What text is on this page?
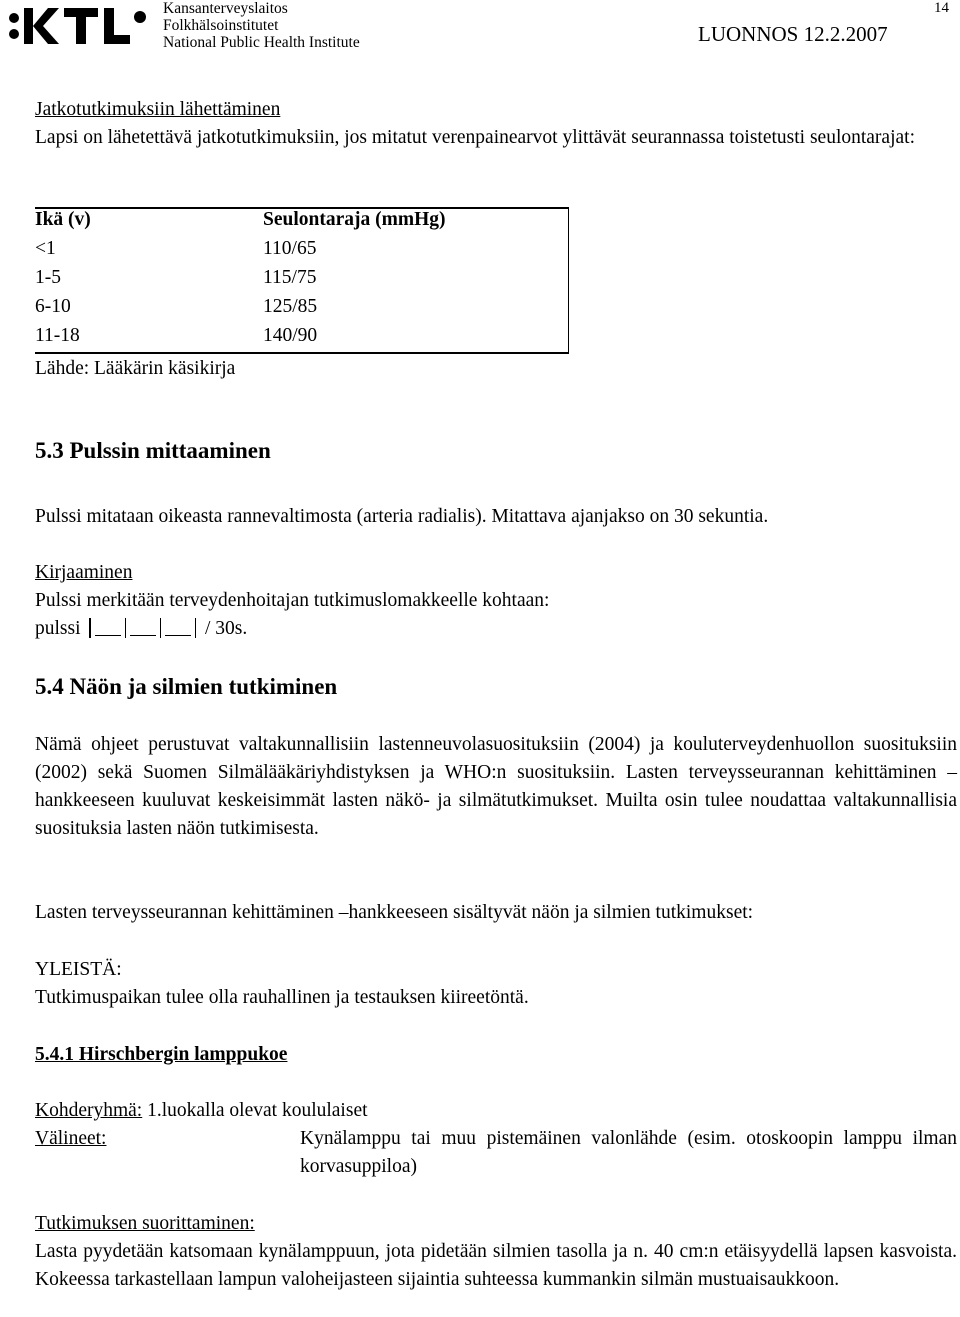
Kansanterveyslaitos
Folkhälsoinstitutet
National Public Health Institute	LUONNOS 12.2.2007
14
Jatkotutkimuksiin lähettäminen
Lapsi on lähetettävä jatkotutkimuksiin, jos mitatut verenpainearvot ylittävät seurannassa toistetusti seulontarajat:
Ikä (v)	Seulontaraja (mmHg)
<1	110/65
1-5	115/75
6-10	125/85
11-18	140/90
Lähde: Lääkärin käsikirja
5.3 Pulssin mittaaminen
Pulssi mitataan oikeasta rannevaltimosta (arteria radialis). Mitattava ajanjakso on 30 sekuntia.
Kirjaaminen
Pulssi merkitään terveydenhoitajan tutkimuslomakkeelle kohtaan:
pulssi	/ 30s.
5.4 Näön ja silmien tutkiminen
Nämä ohjeet perustuvat valtakunnallisiin lastenneuvolasuosituksiin (2004) ja kouluterveydenhuollon suosituksiin (2002) sekä Suomen Silmälääkäriyhdistyksen ja WHO:n suosituksiin. Lasten terveysseurannan kehittäminen –hankkeeseen kuuluvat keskeisimmät lasten näkö- ja silmätutkimukset. Muilta osin tulee noudattaa valtakunnallisia suosituksia lasten näön tutkimisesta.
Lasten terveysseurannan kehittäminen –hankkeeseen sisältyvät näön ja silmien tutkimukset:
YLEISTÄ:
Tutkimuspaikan tulee olla rauhallinen ja testauksen kiireetöntä.
5.4.1 Hirschbergin lamppukoe
Kohderyhmä: 1.luokalla olevat koululaiset
Välineet:	Kynälamppu tai muu pistemäinen valonlähde (esim. otoskoopin lamppu ilman korvasuppiloa)
Tutkimuksen suorittaminen:
Lasta pyydetään katsomaan kynälamppuun, jota pidetään silmien tasolla ja n. 40 cm:n etäisyydellä lapsen kasvoista. Kokeessa tarkastellaan lampun valoheijasteen sijaintia suhteessa kummankin silmän mustuaisaukkoon.
